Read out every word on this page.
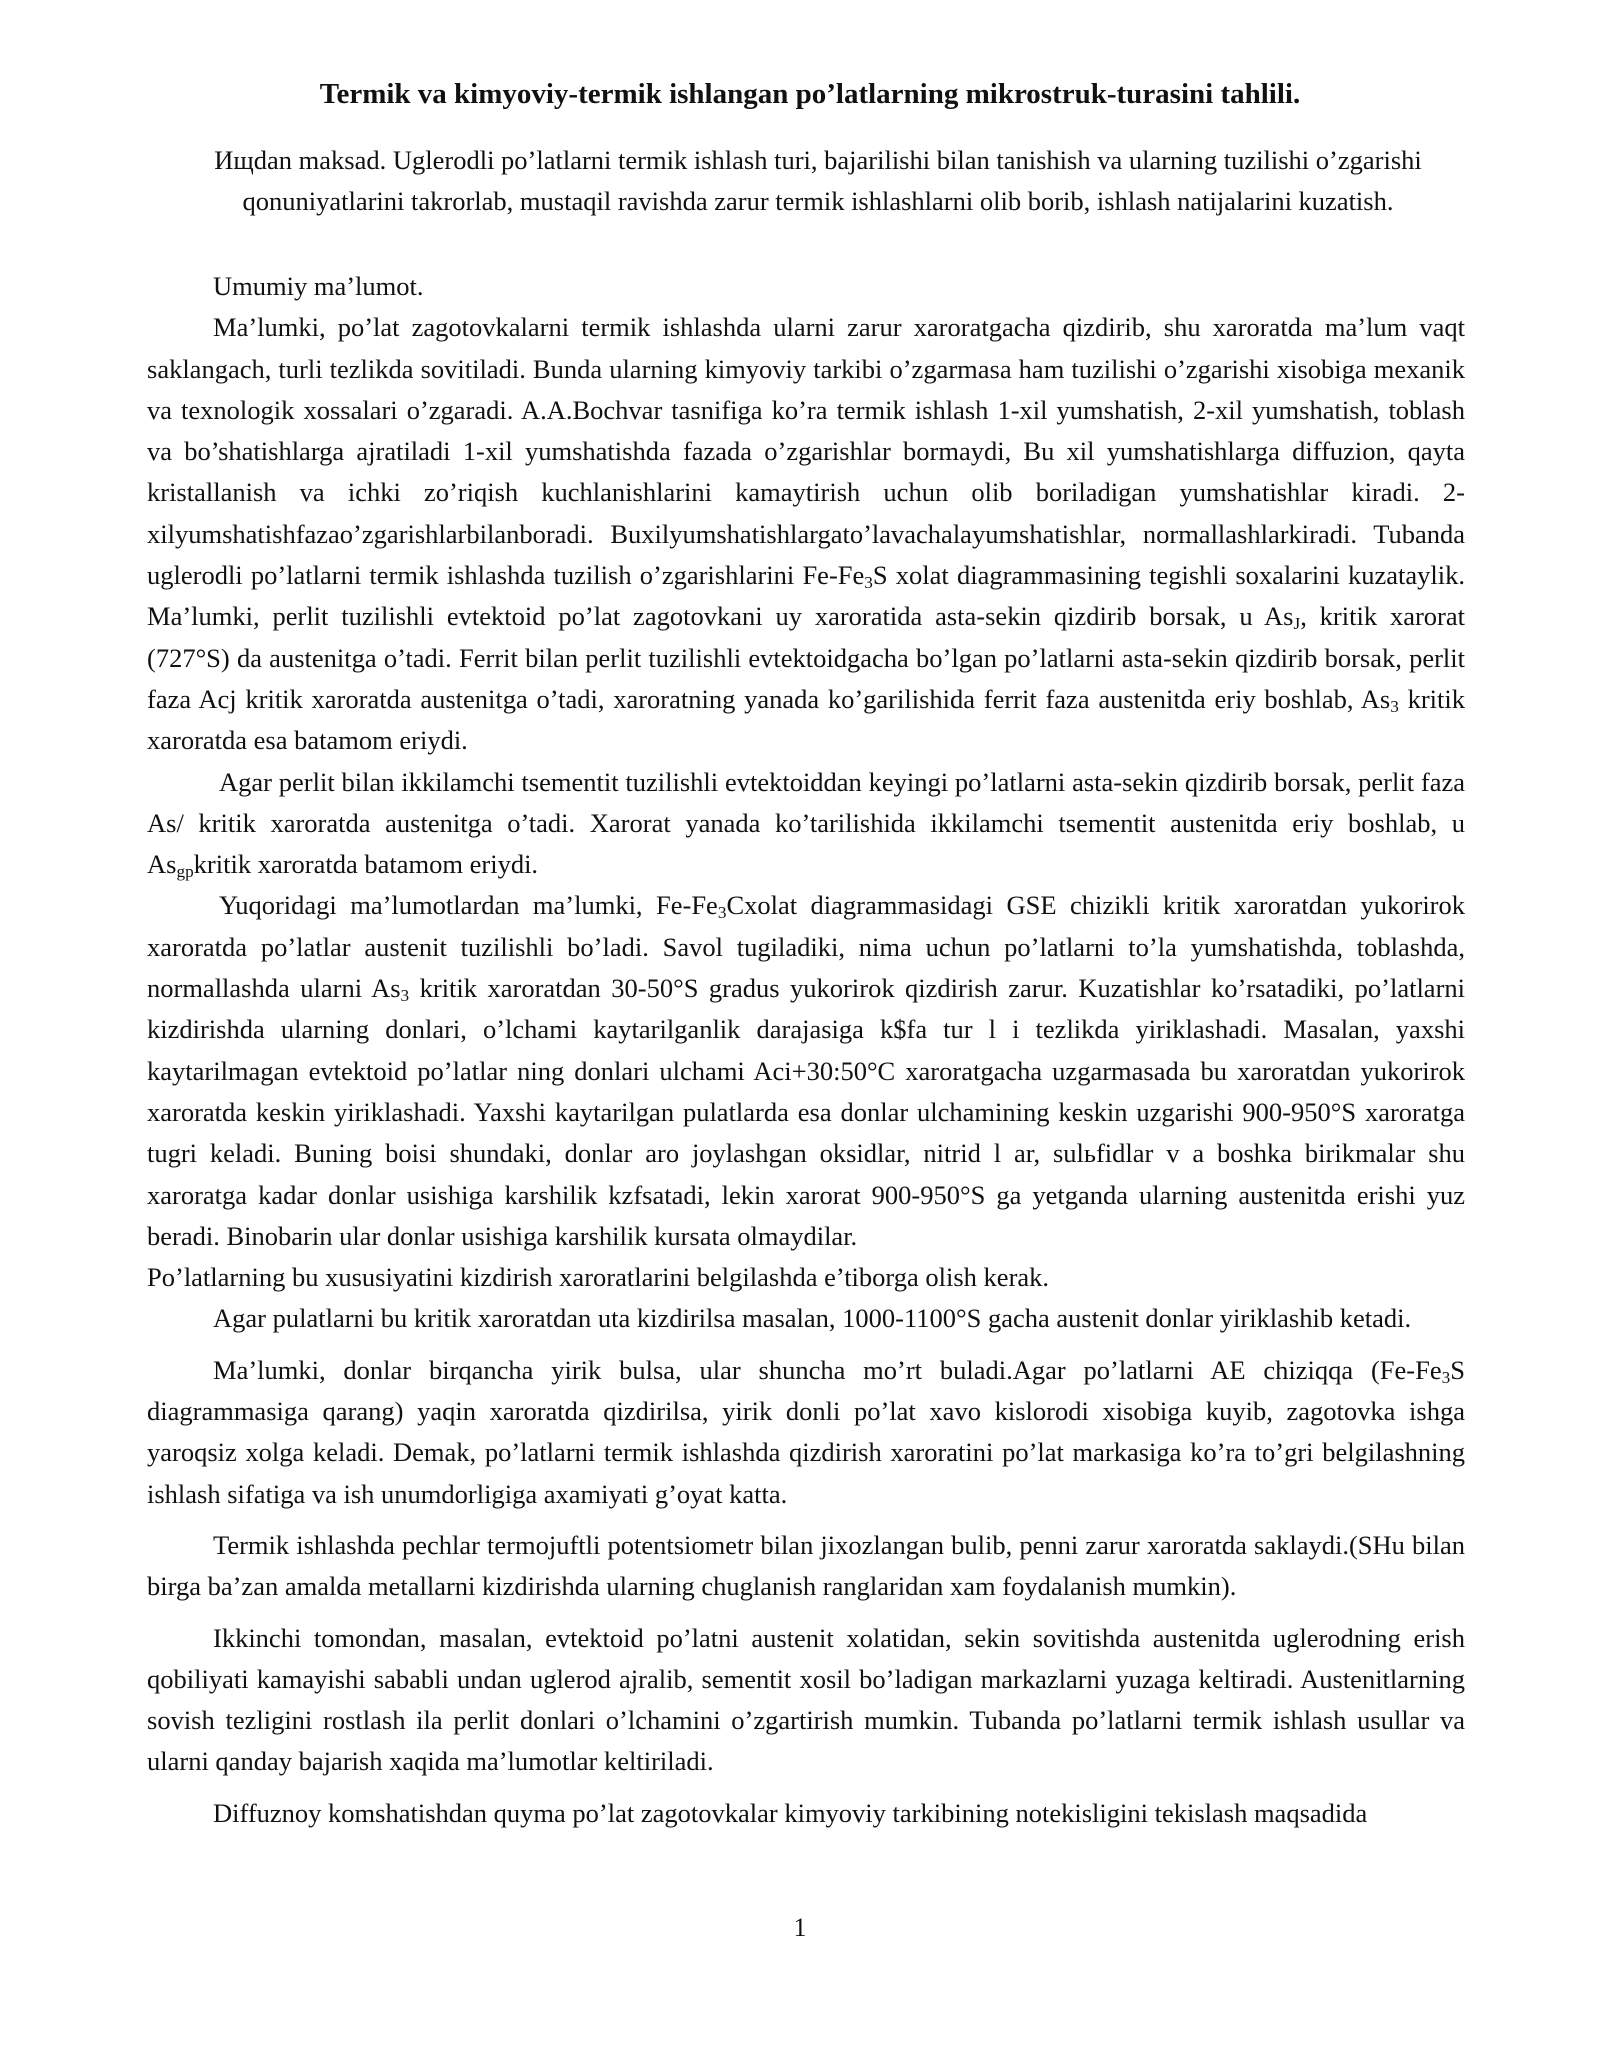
Termik va kimyoviy-termik ishlangan po’latlarning mikrostruk-turasini tahlili.
Ищdan maksad. Uglerodli po’latlarni termik ishlash turi, bajarilishi bilan tanishish va ularning tuzilishi o’zgarishi qonuniyatlarini takrorlab, mustaqil ravishda zarur termik ishlashlarni olib borib, ishlash natijalarini kuzatish.

Umumiy ma’lumot.

Ma’lumki, po’lat zagotovkalarni termik ishlashda ularni zarur xaroratgacha qizdirib, shu xaroratda ma’lum vaqt saklangach, turli tezlikda sovitiladi. Bunda ularning kimyoviy tarkibi o’zgarmasa ham tuzilishi o’zgarishi xisobiga mexanik va texnologik xossalari o’zgaradi. A.A.Bochvar tasnifiga ko’ra termik ishlash 1-xil yumshatish, 2-xil yumshatish, toblash va bo’shatishlarga ajratiladi 1-xil yumshatishda fazada o’zgarishlar bormaydi, Bu xil yumshatishlarga diffuzion, qayta kristallanish va ichki zo’riqish kuchlanishlarini kamaytirish uchun olib boriladigan yumshatishlar kiradi. 2-xilyumshatishfazao’zgarishlarbilanboradi. Buxilyumshatishlargato’lavachalayumshatishlar, normallashlarkiradi. Tubanda uglerodli po’latlarni termik ishlashda tuzilish o’zgarishlarini $Fe-Fe_3S$ xolat diagrammasining tegishli soxalarini kuzataylik. Ma’lumki, perlit tuzilishli evtektoid po’lat zagotovkani uy xaroratida asta-sekin qizdirib borsak, u $As_J$, kritik xarorat (727°S) da austenitga o’tadi. Ferrit bilan perlit tuzilishli evtektoidgacha bo’lgan po’latlarni asta-sekin qizdirib borsak, perlit faza Acj kritik xaroratda austenitga o’tadi, xaroratning yanada ko’garilishida ferrit faza austenitda eriy boshlab, $As_3$ kritik xaroratda esa batamom eriydi.

Agar perlit bilan ikkilamchi tsementit tuzilishli evtektoiddan keyingi po’latlarni asta-sekin qizdirib borsak, perlit faza As/ kritik xaroratda austenitga o’tadi. Xarorat yanada ko’tarilishida ikkilamchi tsementit austenitda eriy boshlab, u $As_{gp}kritik$ xaroratda batamom eriydi.

Yuqoridagi ma’lumotlardan ma’lumki, $Fe-Fe_3Cxolat$ diagrammasidagi GSE chizikli kritik xaroratdan yukorirok xaroratda po’latlar austenit tuzilishli bo’ladi. Savol tugiladiki, nima uchun po’latlarni to’la yumshatishda, toblashda, normallashda ularni $As_3$ kritik xaroratdan 30-50°S gradus yukorirok qizdirish zarur. Kuzatishlar ko’rsatadiki, po’latlarni kizdirishda ularning donlari, o’lchami kaytarilganlik darajasiga k$fa tur l i tezlikda yiriklashadi. Masalan, yaxshi kaytarilmagan evtektoid po’latlar ning donlari ulchami Aci+30:50°C xaroratgacha uzgarmasada bu xaroratdan yukorirok xaroratda keskin yiriklashadi. Yaxshi kaytarilgan pulatlarda esa donlar ulchamining keskin uzgarishi 900-950°S xaroratga tugri keladi. Buning boisi shundaki, donlar aro joylashgan oksidlar, nitrid l ar, sulьfidlar v a boshka birikmalar shu xaroratga kadar donlar usishiga karshilik kzfsatadi, lekin xarorat 900-950°S ga yetganda ularning austenitda erishi yuz beradi. Binobarin ular donlar usishiga karshilik kursata olmaydilar.

Po’latlarning bu xususiyatini kizdirish xaroratlarini belgilashda e’tiborga olish kerak.

Agar pulatlarni bu kritik xaroratdan uta kizdirilsa masalan, 1000-1100°S gacha austenit donlar yiriklashib ketadi.

Ma’lumki, donlar birqancha yirik bulsa, ular shuncha mo’rt buladi.Agar po’latlarni AE chiziqqa ($Fe-Fe_3S$ diagrammasiga qarang) yaqin xaroratda qizdirilsa, yirik donli po’lat xavo kislorodi xisobiga kuyib, zagotovka ishga yaroqsiz xolga keladi. Demak, po’latlarni termik ishlashda qizdirish xaroratini po’lat markasiga ko’ra to’gri belgilashning ishlash sifatiga va ish unumdorligiga axamiyati g’oyat katta.

Termik ishlashda pechlar termojuftli potentsiometr bilan jixozlangan bulib, penni zarur xaroratda saklaydi.(SHu bilan birga ba’zan amalda metallarni kizdirishda ularning chuglanish ranglaridan xam foydalanish mumkin).

Ikkinchi tomondan, masalan, evtektoid po’latni austenit xolatidan, sekin sovitishda austenitda uglerodning erish qobiliyati kamayishi sababli undan uglerod ajralib, sementit xosil bo’ladigan markazlarni yuzaga keltiradi. Austenitlarning sovish tezligini rostlash ila perlit donlari o’lchamini o’zgartirish mumkin. Tubanda po’latlarni termik ishlash usullar va ularni qanday bajarish xaqida ma’lumotlar keltiriladi.

Diffuznoy komshatishdan quyma po’lat zagotovkalar kimyoviy tarkibining notekisligini tekislash maqsadida

1
